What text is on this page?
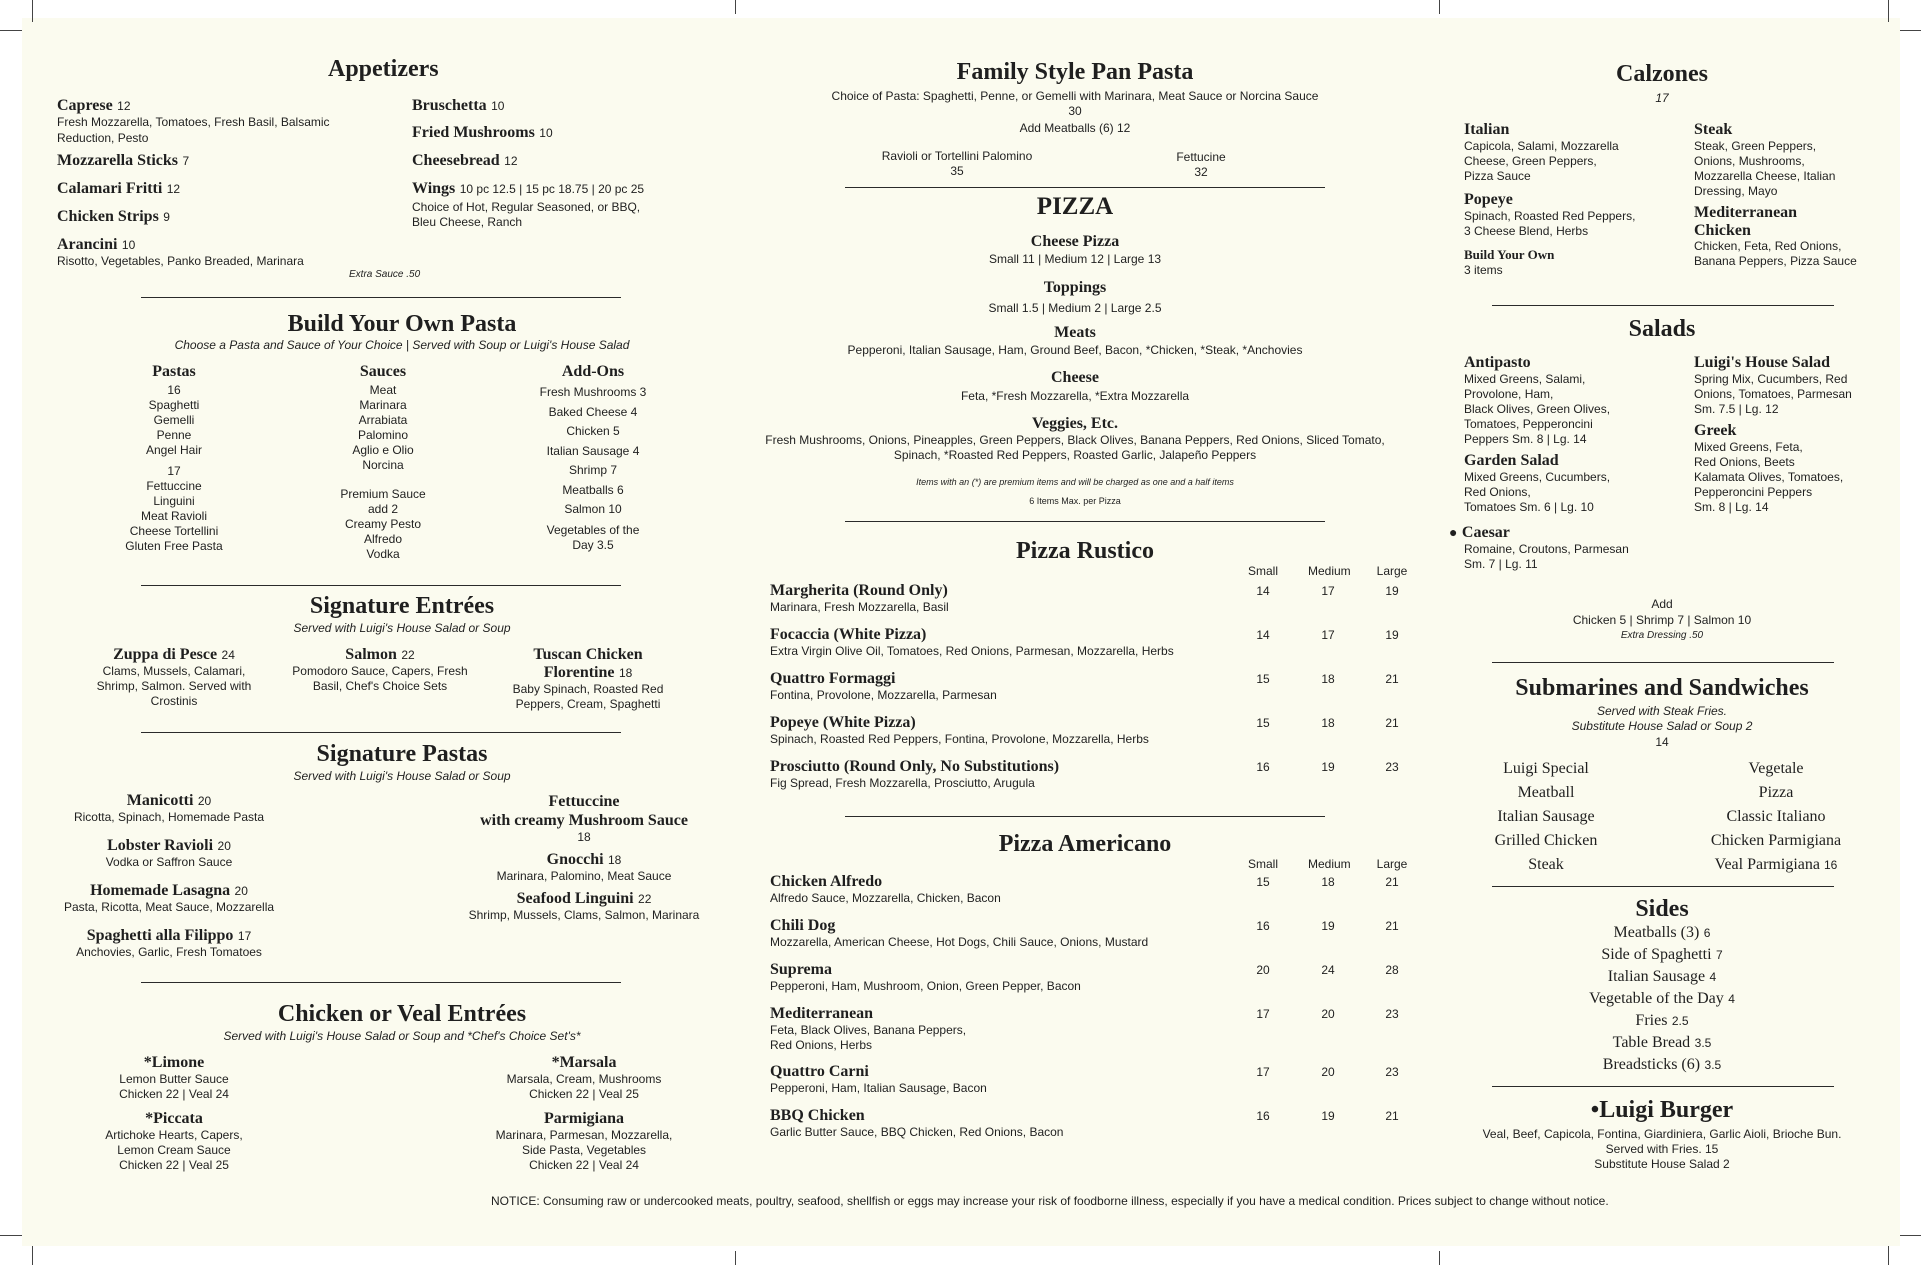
Appetizers
Caprese 12
Fresh Mozzarella, Tomatoes, Fresh Basil, Balsamic
Reduction, Pesto
Mozzarella Sticks 7
Calamari Fritti 12
Chicken Strips 9
Arancini 10
Risotto, Vegetables, Panko Breaded, Marinara
Bruschetta 10
Fried Mushrooms 10
Cheesebread 12
Wings 10 pc 12.5 | 15 pc 18.75 | 20 pc 25
Choice of Hot, Regular Seasoned, or BBQ,
Bleu Cheese, Ranch
Extra Sauce .50
Build Your Own Pasta
Choose a Pasta and Sauce of Your Choice | Served with Soup or Luigi's House Salad
Pastas
16
Spaghetti
Gemelli
Penne
Angel Hair
17
Fettuccine
Linguini
Meat Ravioli
Cheese Tortellini
Gluten Free Pasta
Sauces
Meat
Marinara
Arrabiata
Palomino
Aglio e Olio
Norcina
Premium Sauce
add 2
Creamy Pesto
Alfredo
Vodka
Add-Ons
Fresh Mushrooms 3
Baked Cheese 4
Chicken 5
Italian Sausage 4
Shrimp 7
Meatballs 6
Salmon 10
Vegetables of the
Day 3.5
Signature Entrées
Served with Luigi's House Salad or Soup
Zuppa di Pesce 24
Clams, Mussels, Calamari,
Shrimp, Salmon. Served with
Crostinis
Salmon 22
Pomodoro Sauce, Capers, Fresh
Basil, Chef's Choice Sets
Tuscan Chicken
Florentine 18
Baby Spinach, Roasted Red
Peppers, Cream, Spaghetti
Signature Pastas
Served with Luigi's House Salad or Soup
Manicotti 20
Ricotta, Spinach, Homemade Pasta
Lobster Ravioli 20
Vodka or Saffron Sauce
Homemade Lasagna 20
Pasta, Ricotta, Meat Sauce, Mozzarella
Spaghetti alla Filippo 17
Anchovies, Garlic, Fresh Tomatoes
Fettuccine
with creamy Mushroom Sauce
18
Gnocchi 18
Marinara, Palomino, Meat Sauce
Seafood Linguini 22
Shrimp, Mussels, Clams, Salmon, Marinara
Chicken or Veal Entrées
Served with Luigi's House Salad or Soup and *Chef's Choice Set's*
*Limone
Lemon Butter Sauce
Chicken 22 | Veal 24
*Piccata
Artichoke Hearts, Capers,
Lemon Cream Sauce
Chicken 22 | Veal 25
*Marsala
Marsala, Cream, Mushrooms
Chicken 22 | Veal 25
Parmigiana
Marinara, Parmesan, Mozzarella,
Side Pasta, Vegetables
Chicken 22 | Veal 24
Family Style Pan Pasta
Choice of Pasta: Spaghetti, Penne, or Gemelli with Marinara, Meat Sauce or Norcina Sauce
30
Add Meatballs (6) 12
Ravioli or Tortellini Palomino
35
Fettucine
32
PIZZA
Cheese Pizza
Small 11 | Medium 12 | Large 13
Toppings
Small 1.5 | Medium 2 | Large 2.5
Meats
Pepperoni, Italian Sausage, Ham, Ground Beef, Bacon, *Chicken, *Steak, *Anchovies
Cheese
Feta, *Fresh Mozzarella, *Extra Mozzarella
Veggies, Etc.
Fresh Mushrooms, Onions, Pineapples, Green Peppers, Black Olives, Banana Peppers, Red Onions, Sliced Tomato,
Spinach, *Roasted Red Peppers, Roasted Garlic, Jalapeño Peppers
Items with an (*) are premium items and will be charged as one and a half items
6 Items Max. per Pizza
Pizza Rustico
Small	Medium	Large
Margherita (Round Only)
Marinara, Fresh Mozzarella, Basil
14	17	19
Focaccia (White Pizza)
Extra Virgin Olive Oil, Tomatoes, Red Onions, Parmesan, Mozzarella, Herbs
14	17	19
Quattro Formaggi
Fontina, Provolone, Mozzarella, Parmesan
15	18	21
Popeye (White Pizza)
Spinach, Roasted Red Peppers, Fontina, Provolone, Mozzarella, Herbs
15	18	21
Prosciutto (Round Only, No Substitutions)
Fig Spread, Fresh Mozzarella, Prosciutto, Arugula
16	19	23
Pizza Americano
Small	Medium	Large
Chicken Alfredo
Alfredo Sauce, Mozzarella, Chicken, Bacon
15	18	21
Chili Dog
Mozzarella, American Cheese, Hot Dogs, Chili Sauce, Onions, Mustard
16	19	21
Suprema
Pepperoni, Ham, Mushroom, Onion, Green Pepper, Bacon
20	24	28
Mediterranean
Feta, Black Olives, Banana Peppers,
Red Onions, Herbs
17	20	23
Quattro Carni
Pepperoni, Ham, Italian Sausage, Bacon
17	20	23
BBQ Chicken
Garlic Butter Sauce, BBQ Chicken, Red Onions, Bacon
16	19	21
NOTICE: Consuming raw or undercooked meats, poultry, seafood, shellfish or eggs may increase your risk of foodborne illness, especially if you have a medical condition. Prices subject to change without notice.
Calzones
17
Italian
Capicola, Salami, Mozzarella
Cheese, Green Peppers,
Pizza Sauce
Popeye
Spinach, Roasted Red Peppers,
3 Cheese Blend, Herbs
Build Your Own
3 items
Steak
Steak, Green Peppers,
Onions, Mushrooms,
Mozzarella Cheese, Italian
Dressing, Mayo
Mediterranean
Chicken
Chicken, Feta, Red Onions,
Banana Peppers, Pizza Sauce
Salads
Antipasto
Mixed Greens, Salami,
Provolone, Ham,
Black Olives, Green Olives,
Tomatoes, Pepperoncini
Peppers Sm. 8 | Lg. 14
Garden Salad
Mixed Greens, Cucumbers,
Red Onions,
Tomatoes Sm. 6 | Lg. 10
● Caesar
Romaine, Croutons, Parmesan
Sm. 7 | Lg. 11
Luigi's House Salad
Spring Mix, Cucumbers, Red
Onions, Tomatoes, Parmesan
Sm. 7.5 | Lg. 12
Greek
Mixed Greens, Feta,
Red Onions, Beets
Kalamata Olives, Tomatoes,
Pepperoncini Peppers
Sm. 8 | Lg. 14
Add
Chicken 5 | Shrimp 7 | Salmon 10
Extra Dressing .50
Submarines and Sandwiches
Served with Steak Fries.
Substitute House Salad or Soup 2
14
Luigi Special
Meatball
Italian Sausage
Grilled Chicken
Steak
Vegetale
Pizza
Classic Italiano
Chicken Parmigiana
Veal Parmigiana 16
Sides
Meatballs (3) 6
Side of Spaghetti 7
Italian Sausage 4
Vegetable of the Day 4
Fries 2.5
Table Bread 3.5
Breadsticks (6) 3.5
•Luigi Burger
Veal, Beef, Capicola, Fontina, Giardiniera, Garlic Aioli, Brioche Bun.
Served with Fries. 15
Substitute House Salad 2
